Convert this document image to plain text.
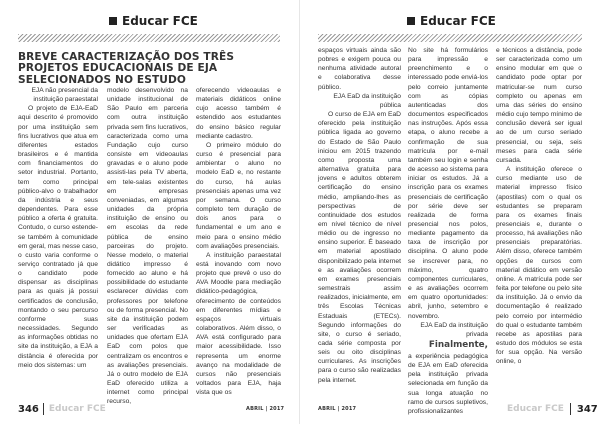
Educar FCE
BREVE CARACTERIZAÇÃO DOS TRÊS PROJETOS EDUCACIONAIS DE EJA SELECIONADOS NO ESTUDO

EJA não presencial da instituição paraestatal

O projeto de EJA-EaD aqui descrito é promovido por uma instituição sem fins lucrativos que atua em diferentes estados brasileiros e é mantida com financiamentos do setor industrial. Portanto, tem como principal público-alvo o trabalhador da indústria e seus dependentes. Para esse público a oferta é gratuita. Contudo, o curso estende-se também à comunidade em geral, mas nesse caso, o custo varia conforme o serviço contratado já que o candidato pode dispensar as disciplinas para as quais já possui certificados de conclusão, montando o seu percurso conforme suas necessidades. Segundo as informações obtidas no site da instituição, a EJA a distância é oferecida por meio dos sistemas: um

modelo desenvolvido na unidade institucional de São Paulo em parceria com outra instituição privada sem fins lucrativos, caracterizada como uma Fundação cujo curso consiste em videoaulas gravadas e o aluno pode assisti-las pela TV aberta, em tele-salas existentes em empresas conveniadas, em algumas unidades da própria instituição de ensino ou em escolas da rede pública de ensino parceiras do projeto. Nesse modelo, o material didático impresso é fornecido ao aluno e há possibilidade do estudante esclarecer dúvidas com professores por telefone ou de forma presencial. No site da instituição podem ser verificadas as unidades que ofertam EJA EaD com polos que centralizam os encontros e as avaliações presenciais. Já o outro modelo de EJA EaD oferecido utiliza a internet como principal recurso,

oferecendo videoaulas e materiais didáticos online cujo acesso também é estendido aos estudantes do ensino básico regular mediante cadastro.

O primeiro módulo do curso é presencial para ambientar o aluno no modelo EaD e, no restante do curso, há aulas presenciais apenas uma vez por semana. O curso completo tem duração de dois anos para o fundamental e um ano e meio para o ensino médio com avaliações presenciais.

A instituição paraestatal está inovando com novo projeto que prevê o uso do AVA Moodle para mediação didático-pedagógica, oferecimento de conteúdos em diferentes mídias e espaços virtuais colaborativos. Além disso, o AVA está configurado para maior acessibilidade. Isso representa um enorme avanço na modalidade de cursos não presenciais voltados para EJA, haja vista que os

346 Educar FCE	ABRIL | 2017
Educar FCE

espaços virtuais ainda são pobres e exigem pouca ou nenhuma atividade autoral e colaborativa desse público.

EJA EaD da instituição pública

O curso de EJA em EaD oferecido pela instituição pública ligada ao governo do Estado de São Paulo iniciou em 2015 trazendo como proposta uma alternativa gratuita para jovens e adultos obterem certificação do ensino médio, ampliando-lhes as perspectivas de continuidade dos estudos em nível técnico de nível médio ou de ingresso no ensino superior. É baseado em material apostilado disponibilizado pela internet e as avaliações ocorrem em exames presenciais semestrais assim realizados, inicialmente, em três Escolas Técnicas Estaduais (ETECs). Segundo informações do site, o curso é seriado, cada série composta por seis ou oito disciplinas curriculares. As inscrições para o curso são realizadas pela internet.

No site há formulários para impressão e preenchimento e o interessado pode enviá-los pelo correio juntamente com as cópias autenticadas dos documentos especificados nas instruções. Após essa etapa, o aluno recebe a confirmação de sua matrícula por e-mail também seu login e senha de acesso ao sistema para iniciar os estudos. Já a inscrição para os exames presenciais de certificação por série deve ser realizada de forma presencial nos polos, mediante pagamento da taxa de inscrição por disciplina. O aluno pode se inscrever para, no máximo, quatro componentes curriculares, e as avaliações ocorrem em quatro oportunidades: abril, junho, setembro e novembro.

EJA EaD da instituição privada

Finalmente,

a experiência pedagógica de EJA em EaD oferecida pela instituição privada selecionada em função da sua longa atuação no ramo de cursos supletivos, profissionalizantes

e técnicos a distância, pode ser caracterizada como um ensino modular em que o candidato pode optar por matricular-se num curso completo ou apenas em uma das séries do ensino médio cujo tempo mínimo de conclusão deverá ser igual ao de um curso seriado presencial, ou seja, seis meses para cada série cursada.

A instituição oferece o curso mediante uso de material impresso físico (apostilas) com o qual os estudantes se preparam para os exames finais presenciais e, durante o processo, há avaliações não presenciais preparatórias. Além disso, oferece também opções de cursos com material didático em versão online. A matrícula pode ser feita por telefone ou pelo site da instituição. Já o envio da documentação é realizado pelo correio por intermédio do qual o estudante também recebe as apostilas para estudo dos módulos se esta for sua opção. Na versão online, o

ABRIL | 2017	Educar FCE 347
